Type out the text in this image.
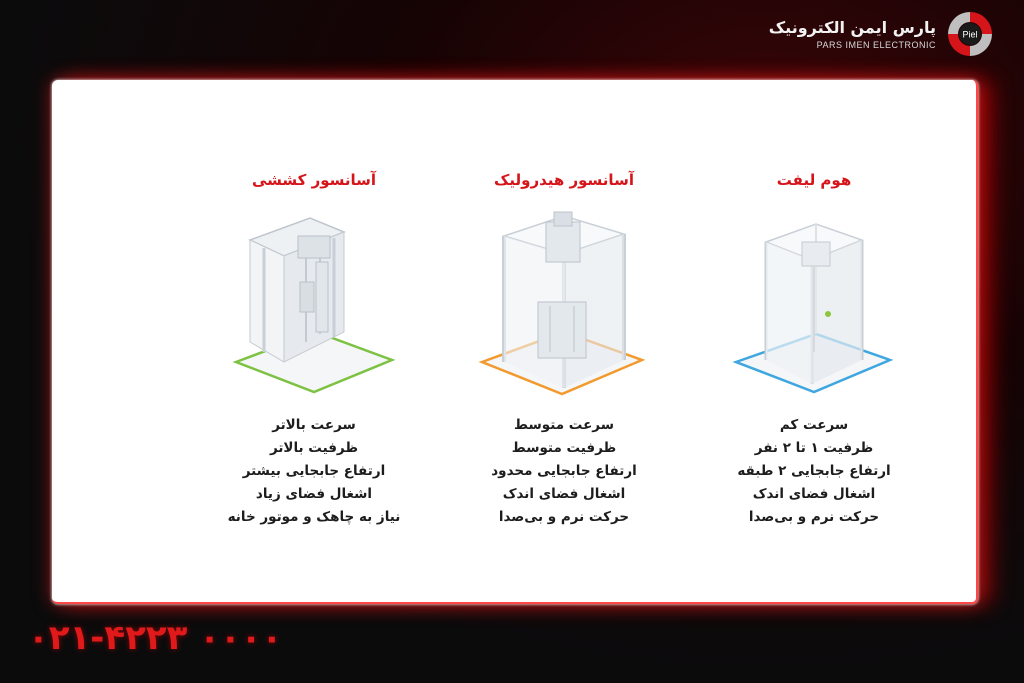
پارس ایمن الکترونیک
PARS IMEN ELECTRONIC
Piel
هوم لیفت
سرعت کم
ظرفیت ۱ تا ۲ نفر
ارتفاع جابجایی ۲ طبقه
اشغال فضای اندک
حرکت نرم و بی‌صدا
آسانسور هیدرولیک
سرعت متوسط
ظرفیت متوسط
ارتفاع جابجایی محدود
اشغال فضای اندک
حرکت نرم و بی‌صدا
آسانسور کششی
سرعت بالاتر
ظرفیت بالاتر
ارتفاع جابجایی بیشتر
اشغال فضای زیاد
نیاز به چاهک و موتور خانه
۰۲۱-۴۲۲۳ ۰۰۰۰
